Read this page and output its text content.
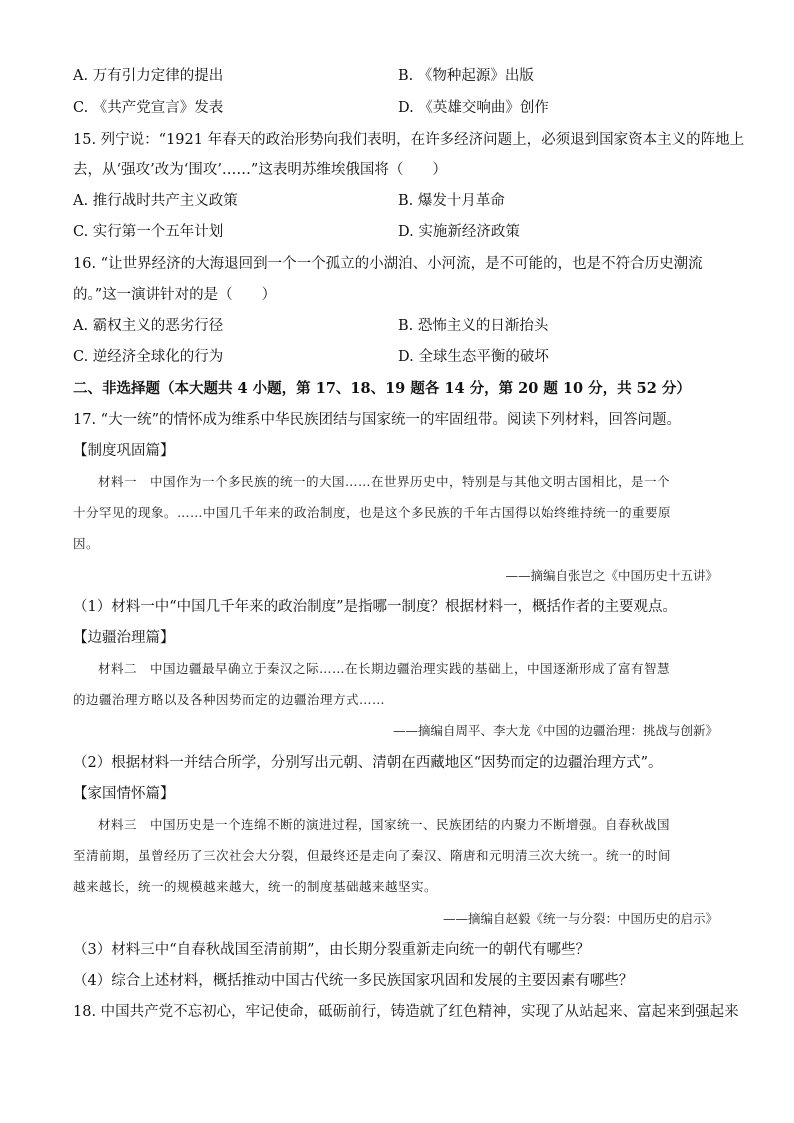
A. 万有引力定律的提出	B. 《物种起源》出版
C. 《共产党宣言》发表	D. 《英雄交响曲》创作
15. 列宁说：“1921 年春天的政治形势向我们表明，在许多经济问题上，必须退到国家资本主义的阵地上
去，从‘强攻’改为‘围攻’……”这表明苏维埃俄国将（　　）
A. 推行战时共产主义政策	B. 爆发十月革命
C. 实行第一个五年计划	D. 实施新经济政策
16. “让世界经济的大海退回到一个一个孤立的小湖泊、小河流，是不可能的，也是不符合历史潮流
的。”这一演讲针对的是（　　）
A. 霸权主义的恶劣行径	B. 恐怖主义的日渐抬头
C. 逆经济全球化的行为	D. 全球生态平衡的破坏
二、非选择题（本大题共 4 小题，第 17、18、19 题各 14 分，第 20 题 10 分，共 52 分）
17. “大一统”的情怀成为维系中华民族团结与国家统一的牢固纽带。阅读下列材料，回答问题。
【制度巩固篇】
材料一　中国作为一个多民族的统一的大国……在世界历史中，特别是与其他文明古国相比，是一个
十分罕见的现象。……中国几千年来的政治制度，也是这个多民族的千年古国得以始终维持统一的重要原
因。
——摘编自张岂之《中国历史十五讲》
（1）材料一中“中国几千年来的政治制度”是指哪一制度？根据材料一，概括作者的主要观点。
【边疆治理篇】
材料二　中国边疆最早确立于秦汉之际……在长期边疆治理实践的基础上，中国逐渐形成了富有智慧
的边疆治理方略以及各种因势而定的边疆治理方式……
——摘编自周平、李大龙《中国的边疆治理：挑战与创新》
（2）根据材料一并结合所学，分别写出元朝、清朝在西藏地区“因势而定的边疆治理方式”。
【家国情怀篇】
材料三　中国历史是一个连绵不断的演进过程，国家统一、民族团结的内聚力不断增强。自春秋战国
至清前期，虽曾经历了三次社会大分裂，但最终还是走向了秦汉、隋唐和元明清三次大统一。统一的时间
越来越长，统一的规模越来越大，统一的制度基础越来越坚实。
——摘编自赵毅《统一与分裂：中国历史的启示》
（3）材料三中“自春秋战国至清前期”，由长期分裂重新走向统一的朝代有哪些？
（4）综合上述材料，概括推动中国古代统一多民族国家巩固和发展的主要因素有哪些？
18. 中国共产党不忘初心，牢记使命，砥砺前行，铸造就了红色精神，实现了从站起来、富起来到强起来
